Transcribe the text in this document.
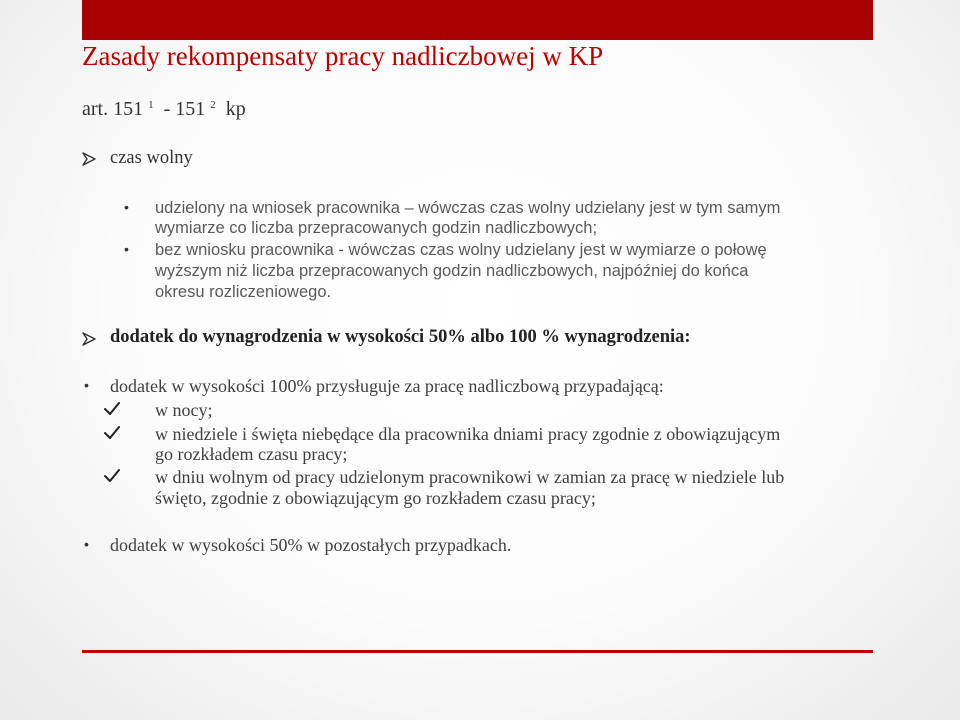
Zasady rekompensaty pracy nadliczbowej w KP
art. 151 $^1$ - 151 $^2$ kp
czas wolny
• udzielony na wniosek pracownika – wówczas czas wolny udzielany jest w tym samym
wymiarze co liczba przepracowanych godzin nadliczbowych;
• bez wniosku pracownika - wówczas czas wolny udzielany jest w wymiarze o połowę
wyższym niż liczba przepracowanych godzin nadliczbowych, najpóźniej do końca
okresu rozliczeniowego.
dodatek do wynagrodzenia w wysokości 50% albo 100 % wynagrodzenia:
• dodatek w wysokości 100% przysługuje za pracę nadliczbową przypadającą:
w nocy;
w niedziele i święta niebędące dla pracownika dniami pracy zgodnie z obowiązującym
go rozkładem czasu pracy;
w dniu wolnym od pracy udzielonym pracownikowi w zamian za pracę w niedziele lub
święto, zgodnie z obowiązującym go rozkładem czasu pracy;
• dodatek w wysokości 50% w pozostałych przypadkach.
